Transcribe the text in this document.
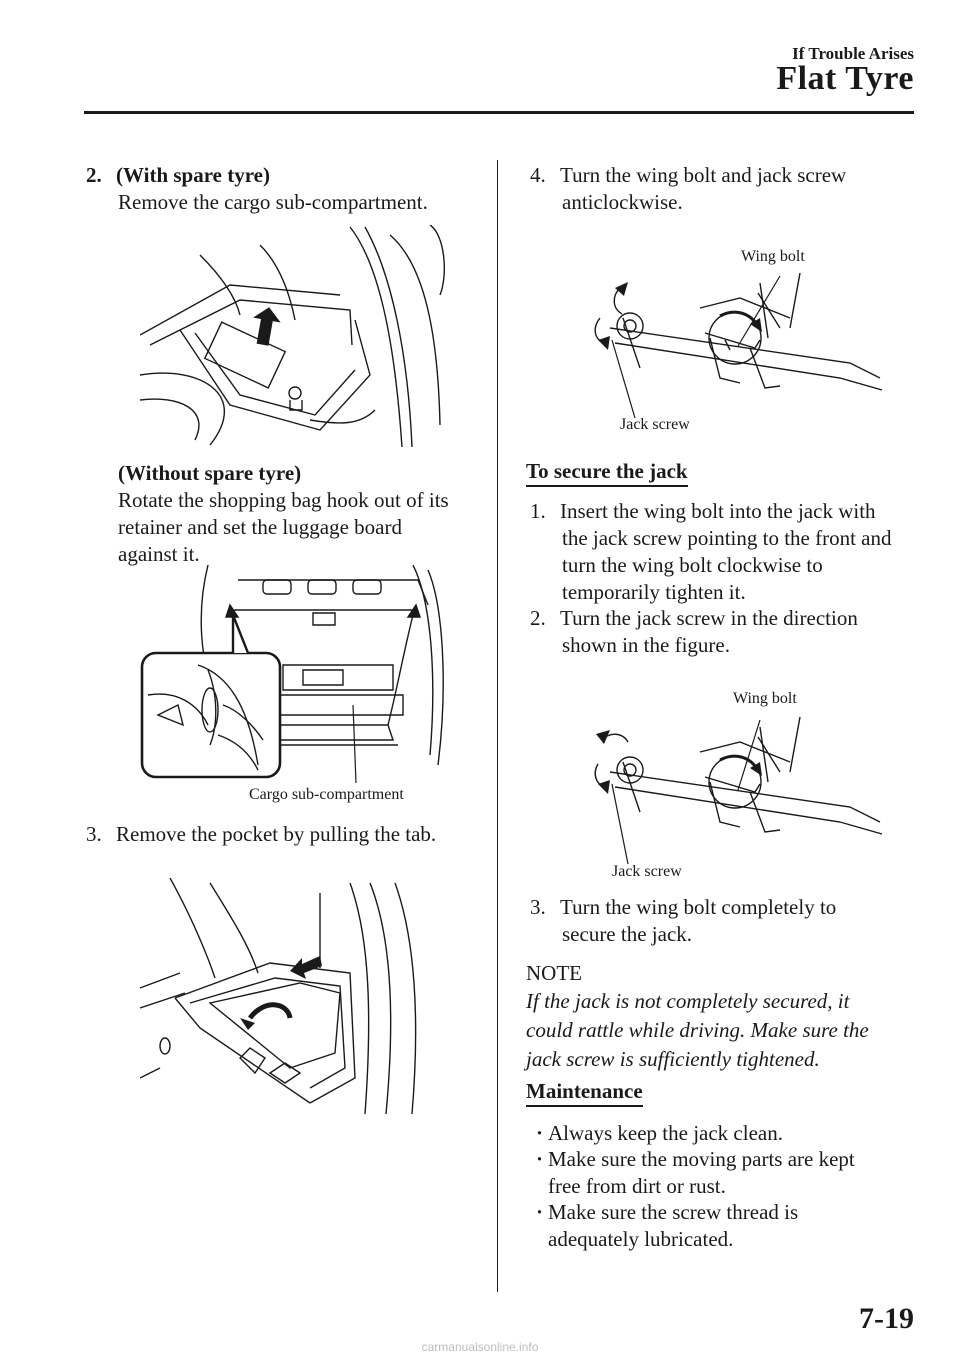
If Trouble Arises
Flat Tyre
2. (With spare tyre)
Remove the cargo sub-compartment.
(Without spare tyre)
Rotate the shopping bag hook out of its
retainer and set the luggage board
against it.
Cargo sub-compartment
3. Remove the pocket by pulling the tab.
4. Turn the wing bolt and jack screw
anticlockwise.
Wing bolt
Jack screw
To secure the jack
1. Insert the wing bolt into the jack with
the jack screw pointing to the front and
turn the wing bolt clockwise to
temporarily tighten it.
2. Turn the jack screw in the direction
shown in the figure.
Wing bolt
Jack screw
3. Turn the wing bolt completely to
secure the jack.
NOTE
If the jack is not completely secured, it
could rattle while driving. Make sure the
jack screw is sufficiently tightened.
Maintenance
· Always keep the jack clean.
· Make sure the moving parts are kept
free from dirt or rust.
· Make sure the screw thread is
adequately lubricated.
7-19
carmanualsonline.info
